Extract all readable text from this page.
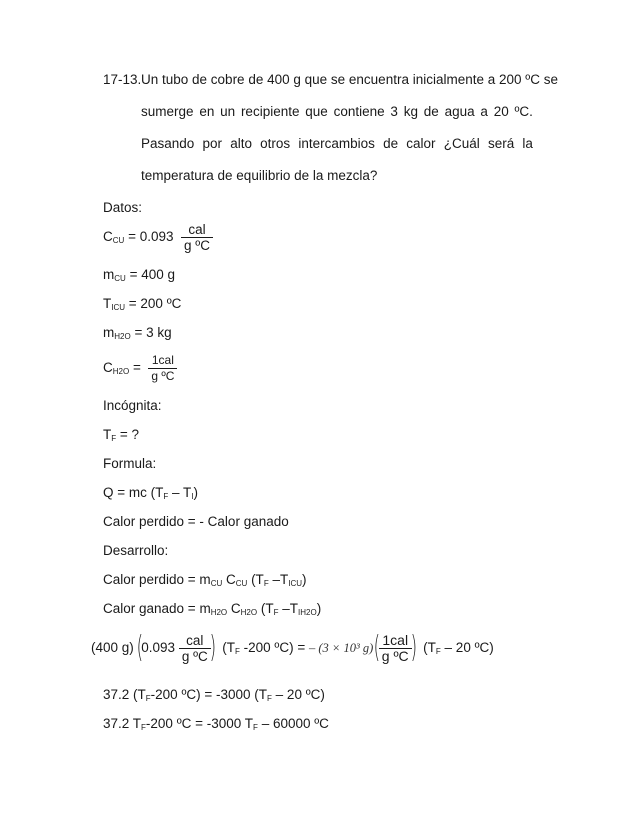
17-13. Un tubo de cobre de 400 g que se encuentra inicialmente a 200 ºC se
sumerge en un recipiente que contiene 3 kg de agua a 20 ºC.
Pasando por alto otros intercambios de calor ¿Cuál será la
temperatura de equilibrio de la mezcla?
Datos:
$C_{CU} = 0.093 \frac{\text{cal}}{\text{g ºC}}$
$m_{CU} = 400$ g
$T_{ICU} = 200$ ºC
$m_{H2O} = 3$ kg
$C_{H2O} = \frac{\text{1cal}}{\text{g ºC}}$
Incógnita:
$T_F$ = ?
Formula:
Q = mc $(T_F - T_I)$
Calor perdido = - Calor ganado
Desarrollo:
Calor perdido = $m_{CU}$ $C_{CU}$ ($T_F$ $-T_{ICU}$)
Calor ganado = $m_{H2O}$ $C_{H2O}$ ($T_F$ $-T_{IH2O}$)
(400 g) ($0.093 \frac{\text{cal}}{\text{g ºC}}$
) ($T_F$ -200 ºC) = – (3 × 10³ g) (
$\frac{\text{1cal}}{\text{g ºC}}$
) ($T_F - 20$ ºC)
37.2 ($T_F-200$ ºC) = -3000 ($T_F - 20$ ºC)
37.2 $T_F-200$ ºC = -3000 $T_F - 60000$ ºC
